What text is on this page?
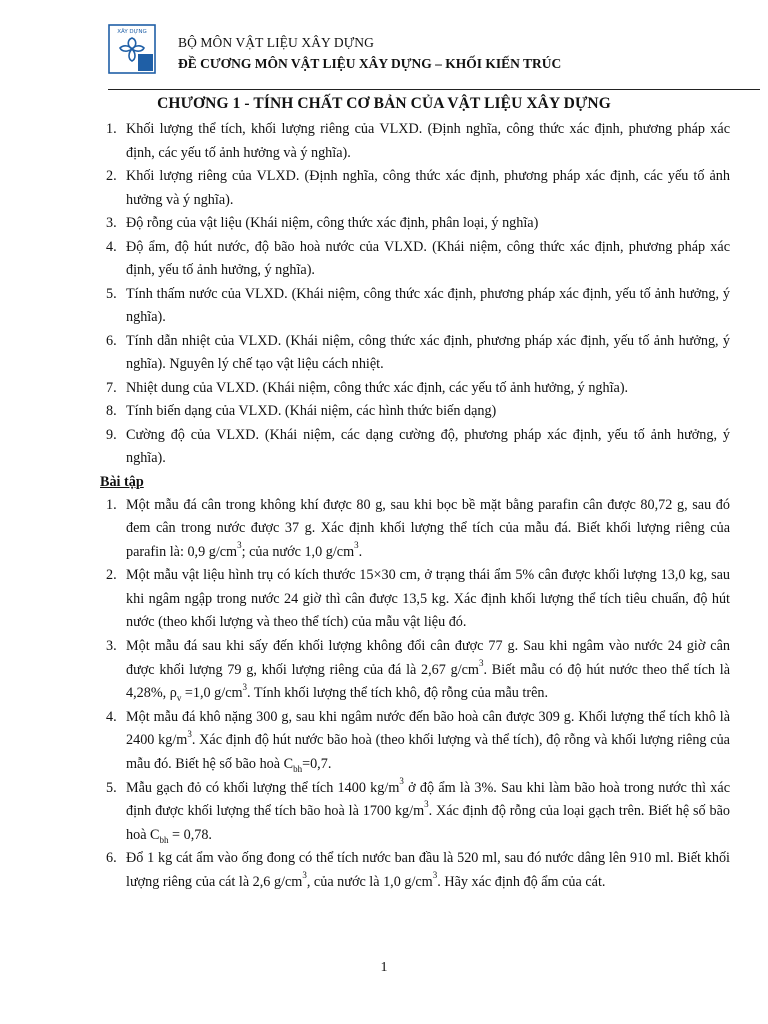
XÂY DỰNG
BỘ MÔN VẬT LIỆU XÂY DỰNG
ĐỀ CƯƠNG MÔN VẬT LIỆU XÂY DỰNG – KHỐI KIẾN TRÚC
CHƯƠNG 1 - TÍNH CHẤT CƠ BẢN CỦA VẬT LIỆU XÂY DỰNG
1. Khối lượng thể tích, khối lượng riêng của VLXD. (Định nghĩa, công thức xác định, phương pháp xác định, các yếu tố ảnh hưởng và ý nghĩa).
2. Khối lượng riêng của VLXD. (Định nghĩa, công thức xác định, phương pháp xác định, các yếu tố ảnh hưởng và ý nghĩa).
3. Độ rỗng của vật liệu (Khái niệm, công thức xác định, phân loại, ý nghĩa)
4. Độ ẩm, độ hút nước, độ bão hoà nước của VLXD. (Khái niệm, công thức xác định, phương pháp xác định, yếu tố ảnh hưởng, ý nghĩa).
5. Tính thấm nước của VLXD. (Khái niệm, công thức xác định, phương pháp xác định, yếu tố ảnh hưởng, ý nghĩa).
6. Tính dẫn nhiệt của VLXD. (Khái niệm, công thức xác định, phương pháp xác định, yếu tố ảnh hưởng, ý nghĩa). Nguyên lý chế tạo vật liệu cách nhiệt.
7. Nhiệt dung của VLXD. (Khái niệm, công thức xác định, các yếu tố ảnh hưởng, ý nghĩa).
8. Tính biến dạng của VLXD. (Khái niệm, các hình thức biến dạng)
9. Cường độ của VLXD. (Khái niệm, các dạng cường độ, phương pháp xác định, yếu tố ảnh hưởng, ý nghĩa).
Bài tập
1. Một mẫu đá cân trong không khí được 80 g, sau khi bọc bề mặt bằng parafin cân được 80,72 g, sau đó đem cân trong nước được 37 g. Xác định khối lượng thể tích của mẫu đá. Biết khối lượng riêng của parafin là: 0,9 $g/cm^3$; của nước 1,0 $g/cm^3$.
2. Một mẫu vật liệu hình trụ có kích thước 15×30 cm, ở trạng thái ẩm 5% cân được khối lượng 13,0 kg, sau khi ngâm ngập trong nước 24 giờ thì cân được 13,5 kg. Xác định khối lượng thể tích tiêu chuẩn, độ hút nước (theo khối lượng và theo thể tích) của mẫu vật liệu đó.
3. Một mẫu đá sau khi sấy đến khối lượng không đổi cân được 77 g. Sau khi ngâm vào nước 24 giờ cân được khối lượng 79 g, khối lượng riêng của đá là 2,67 $g/cm^3$. Biết mẫu có độ hút nước theo thể tích là 4,28%, $\rho_v =1,0$ $g/cm^3$. Tính khối lượng thể tích khô, độ rỗng của mẫu trên.
4. Một mẫu đá khô nặng 300 g, sau khi ngâm nước đến bão hoà cân được 309 g. Khối lượng thể tích khô là 2400 $kg/m^3$. Xác định độ hút nước bão hoà (theo khối lượng và thể tích), độ rỗng và khối lượng riêng của mẫu đó. Biết hệ số bão hoà $C_{bh}=0,7$.
5. Mẫu gạch đỏ có khối lượng thể tích 1400 $kg/m^3$ ở độ ẩm là 3%. Sau khi làm bão hoà trong nước thì xác định được khối lượng thể tích bão hoà là 1700 $kg/m^3$. Xác định độ rỗng của loại gạch trên. Biết hệ số bão hoà $C_{bh} = 0,78$.
6. Đổ 1 kg cát ẩm vào ống đong có thể tích nước ban đầu là 520 ml, sau đó nước dâng lên 910 ml. Biết khối lượng riêng của cát là 2,6 $g/cm^3$, của nước là 1,0 $g/cm^3$. Hãy xác định độ ẩm của cát.
1
